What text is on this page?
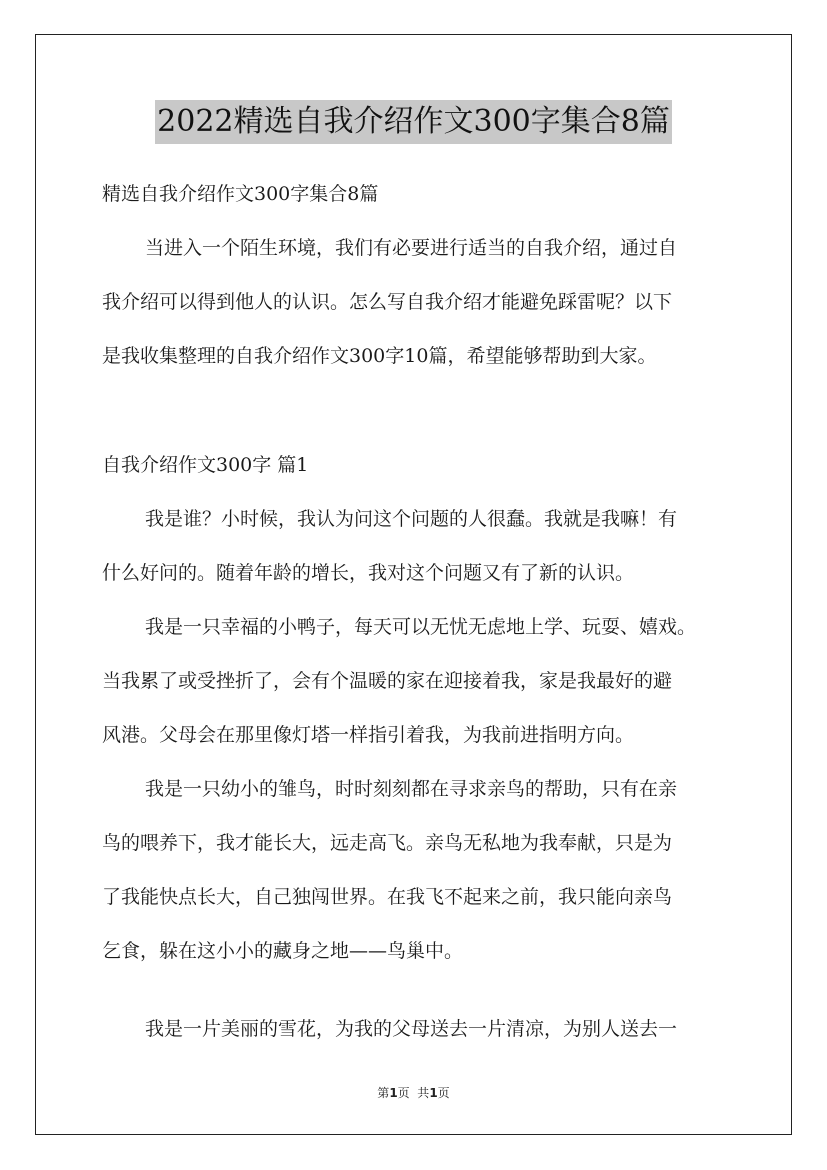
2022精选自我介绍作文300字集合8篇
精选自我介绍作文300字集合8篇
当进入一个陌生环境，我们有必要进行适当的自我介绍，通过自
我介绍可以得到他人的认识。怎么写自我介绍才能避免踩雷呢？以下
是我收集整理的自我介绍作文300字10篇，希望能够帮助到大家。
自我介绍作文300字 篇1
我是谁？小时候，我认为问这个问题的人很蠢。我就是我嘛！有
什么好问的。随着年龄的增长，我对这个问题又有了新的认识。
我是一只幸福的小鸭子，每天可以无忧无虑地上学、玩耍、嬉戏。
当我累了或受挫折了，会有个温暖的家在迎接着我，家是我最好的避
风港。父母会在那里像灯塔一样指引着我，为我前进指明方向。
我是一只幼小的雏鸟，时时刻刻都在寻求亲鸟的帮助，只有在亲
鸟的喂养下，我才能长大，远走高飞。亲鸟无私地为我奉献，只是为
了我能快点长大，自己独闯世界。在我飞不起来之前，我只能向亲鸟
乞食，躲在这小小的藏身之地——鸟巢中。
我是一片美丽的雪花，为我的父母送去一片清凉，为别人送去一
第1页  共1页
